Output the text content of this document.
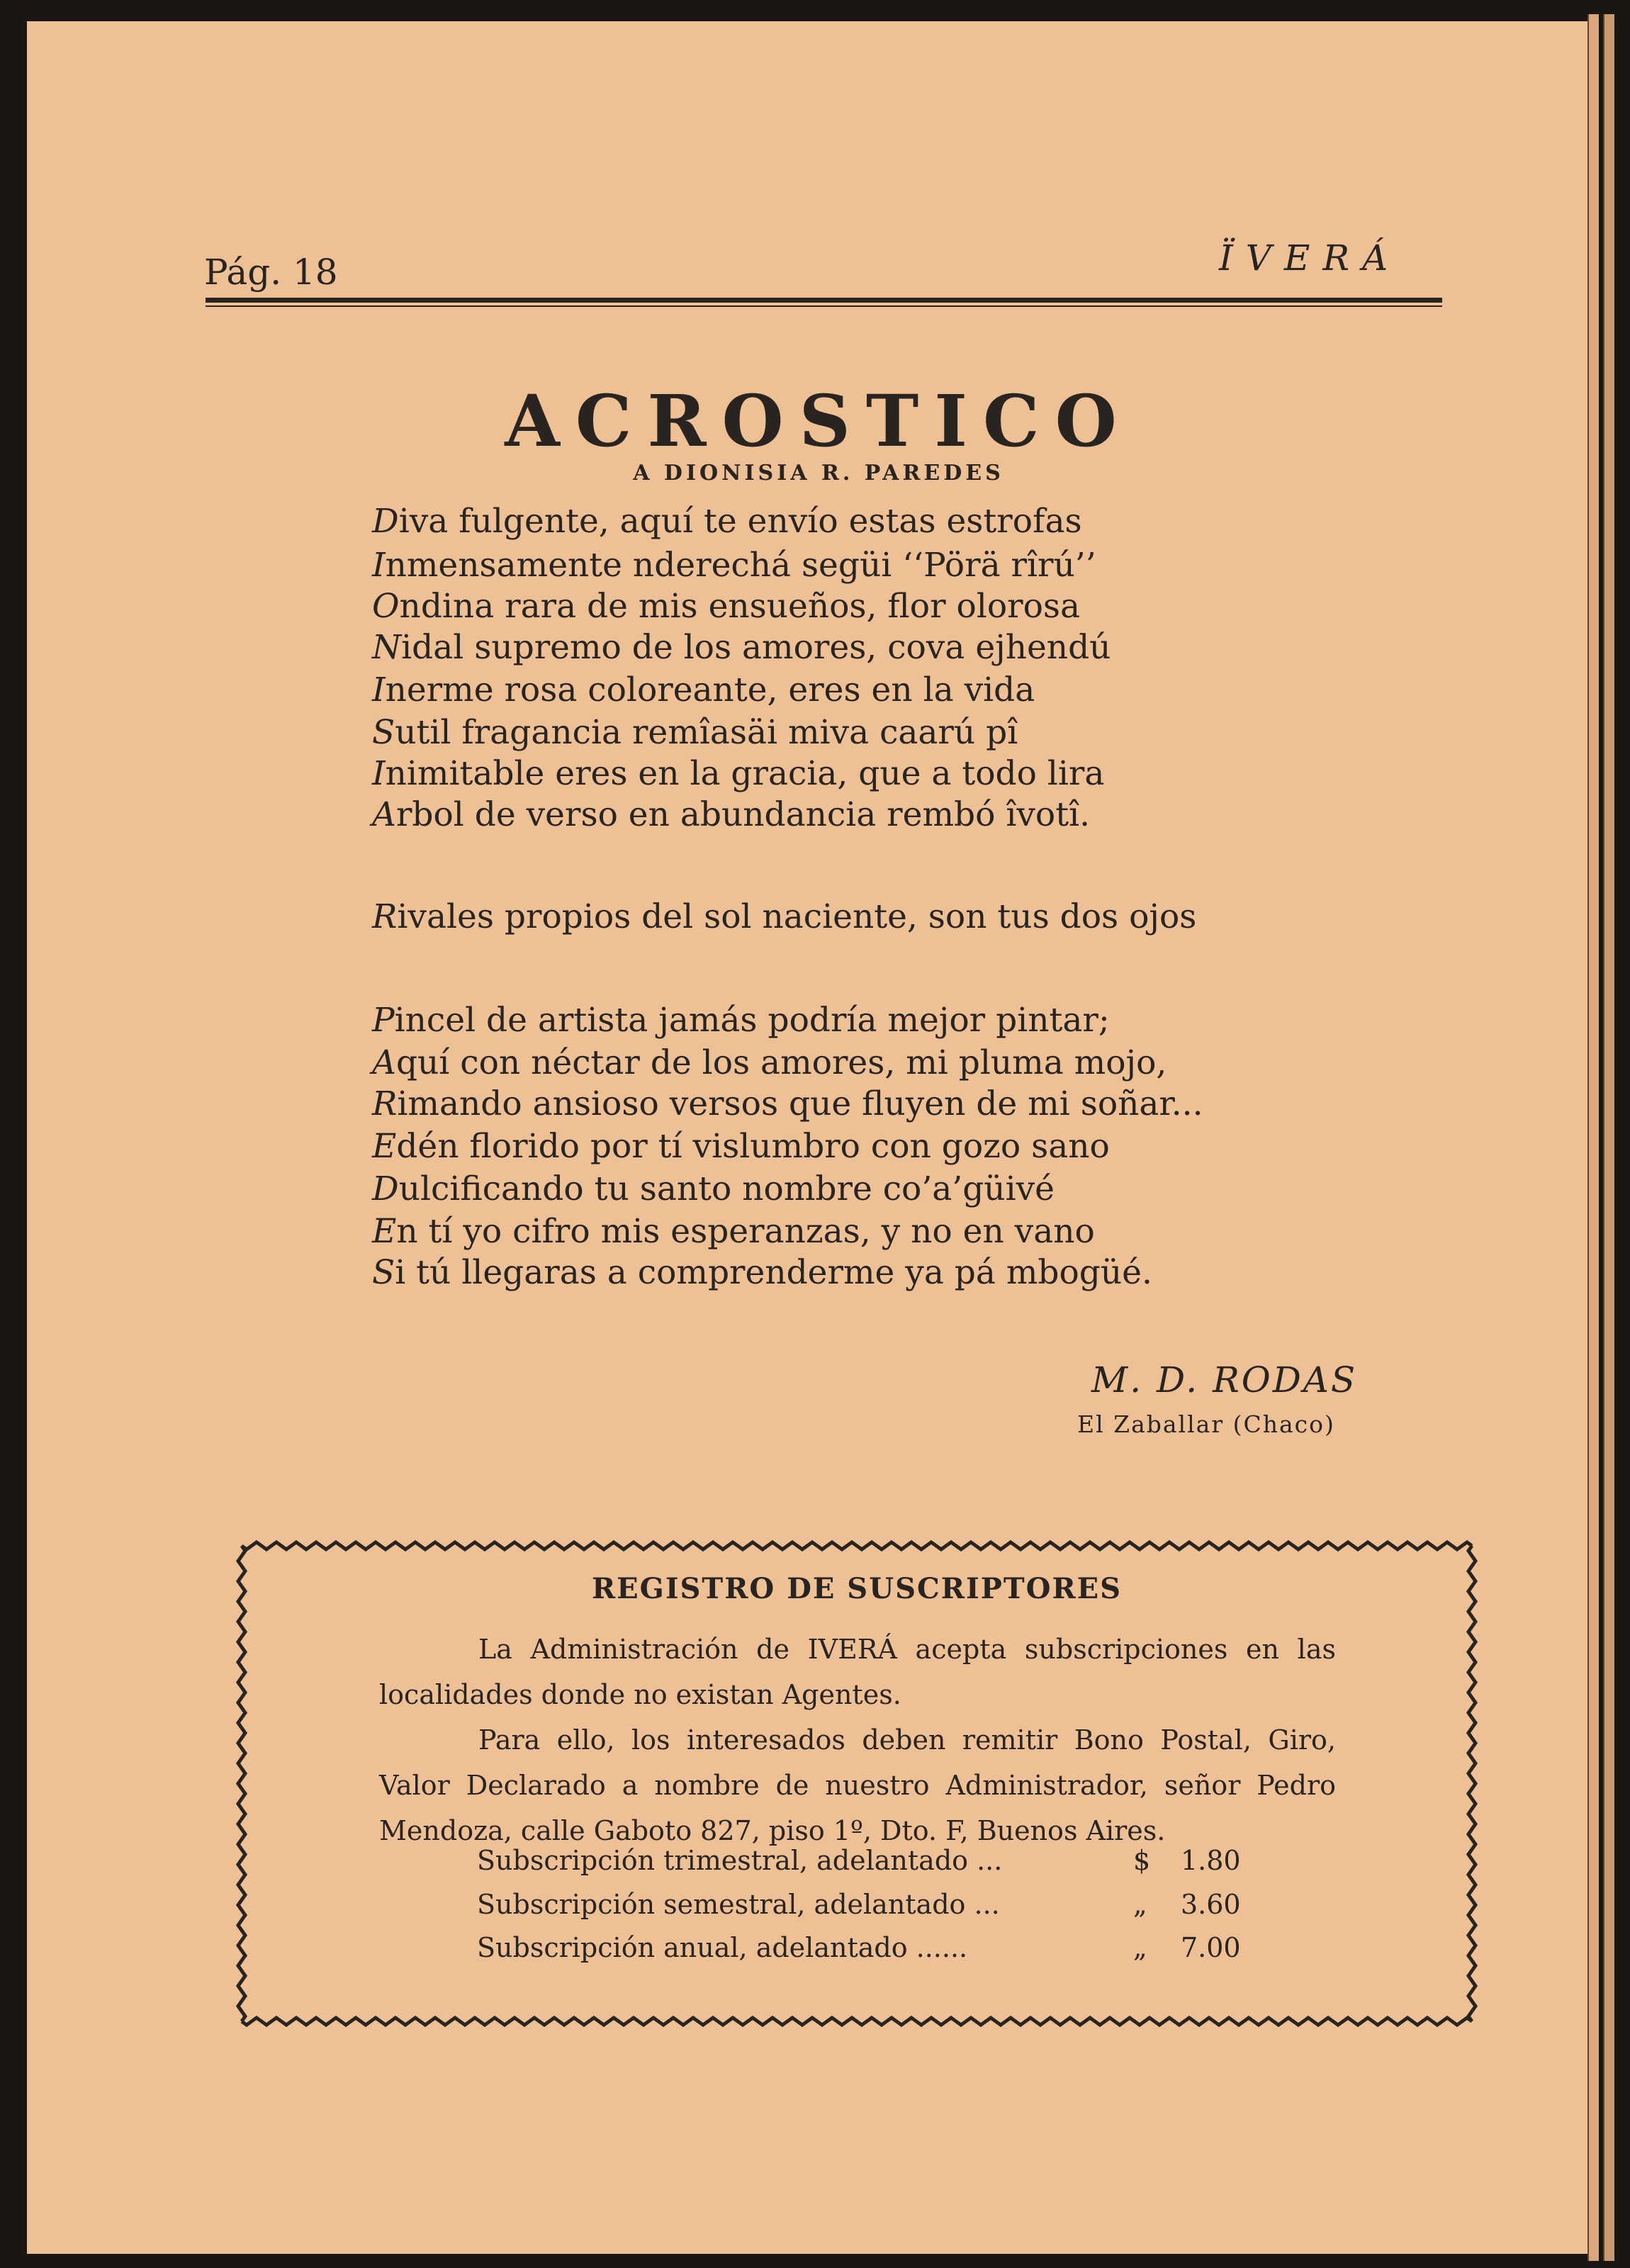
Pág. 18	ÏVERÁ
ACROSTICO
A DIONISIA R. PAREDES
Diva fulgente, aquí te envío estas estrofas
Inmensamente nderechá següi ‘‘Pörä rîrú’’
Ondina rara de mis ensueños, flor olorosa
Nidal supremo de los amores, cova ejhendú
Inerme rosa coloreante, eres en la vida
Sutil fragancia remîasäi miva caarú pî
Inimitable eres en la gracia, que a todo lira
Arbol de verso en abundancia rembó îvotî.
Rivales propios del sol naciente, son tus dos ojos
Pincel de artista jamás podría mejor pintar;
Aquí con néctar de los amores, mi pluma mojo,
Rimando ansioso versos que fluyen de mi soñar...
Edén florido por tí vislumbro con gozo sano
Dulcificando tu santo nombre co’a’güivé
En tí yo cifro mis esperanzas, y no en vano
Si tú llegaras a comprenderme ya pá mbogüé.
M. D. RODAS
El Zaballar (Chaco)
REGISTRO DE SUSCRIPTORES
La Administración de IVERÁ acepta subscripciones en las localidades donde no existan Agentes.
Para ello, los interesados deben remitir Bono Postal, Giro, Valor Declarado a nombre de nuestro Administrador, señor Pedro Mendoza, calle Gaboto 827, piso 1º, Dto. F, Buenos Aires.
Subscripción trimestral, adelantado ...	$ 1.80
Subscripción semestral, adelantado ...	„ 3.60
Subscripción anual, adelantado ......	„ 7.00
